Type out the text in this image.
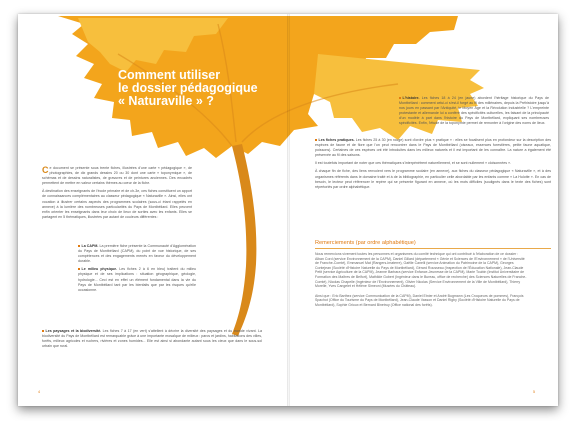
Comment utiliser
le dossier pédagogique
« Naturaville » ?

Ce document se présente sous trente fiches, illustrées d'une carte « pédagogique », de photographies, de dix grands dessins 20 ou 30 dont une carte « toponymique », de schémas et de dessins naturalistes, de gravures et de peintures anciennes. Des encadrés permettent de mettre en valeur certains thèmes au cœur de la fiche.

À destination des enseignants de l'école primaire et de ch-3e, ces fiches constituent un apport de connaissances complémentaires au classeur pédagogique « Naturaville ». Ainsi, elles ont vocation à illustrer certains aspects des programmes scolaires (sous-ci étant rappelés en annexe) à la lumière des nombreuses particularités du Pays de Montbéliard. Elles peuvent enfin orienter les enseignants dans leur choix de lieux de sorties avec les enfants. Elles se partagent en 5 thématiques, illustrées par autant de couleurs différentes :

La CAPM. La première fiche présente la Communauté d'Agglomération du Pays de Montbéliard (CAPM), du point de vue historique, de ses compétences et des engagements menés en faveur du développement durable.

Le milieu physique. Les fiches 2 à 6 en bleu) traitent du milieu physique et de ses implications : situation géographique, géologie, hydrologie... Ceci est en effet un élément fondamental dans la vie du Pays de Montbéliard tant par les bienfaits que par les risques qu'elle occasionne.

Les paysages et la biodiversité. Les fiches 7 à 17 (en vert) s'attellent à décrire la diversité des paysages et du monde vivant. La biodiversité du Pays de Montbéliard est remarquable grâce à une importante mosaïque de milieux : parcs et jardins, habitations des villes, forêts, milieux agricoles et ruchers, rivières et zones humides... Elle est ainsi si abondante autant sous les cieux que dans le sous-sol urbain que rural.

L'histoire. Les fiches 18 à 24 (en jaune) abordent l'héritage historique du Pays de Montbéliard : comment celui-ci s'est-il forgé au fil des millénaires, depuis la Préhistoire jusqu'à nos jours en passant par l'Antiquité, le Moyen Âge et la Révolution industrielle ? L'empreinte protestante et allemande lui a conféré des spécificités culturelles, les faisant de la principauté d'un modèle à part dans l'histoire du Pays de Montbéliard, expliquant ses nombreuses spécificités. Enfin, l'étude de la toponymie permet de remonter à l'origine des noms de lieux.

Les fiches pratiques. Les fiches 25 à 30 (en rouge) sont d'ordre plus « pratique » : elles se focalisent plus en profondeur sur la description des espèces de faune et de flore que l'on peut rencontrer dans le Pays de Montbéliard (oiseaux, essences forestières, petite faune aquatique, poissons). Certaines de ces espèces ont été introduites dans les milieux naturels et il est important de les connaître. La nature a également été préservée au fil des saisons.

Il est toutefois important de noter que ces thématiques s'interpénètrent naturellement, et se sont nullement « cloisonnées ».

À chaque fin de fiche, des liens renvoient vers le programme scolaire (en annexe), aux fiches du classeur pédagogique « Naturaville », et à des organismes référents dans le domaine traité et à de la bibliographie, en particulier celle abordable par les enfants comme « La Hulotte ». En cas de besoin, le lecteur peut référencer le repère qui se présente figurant en annexe, où les mots difficiles (soulignés dans le texte des fiches) sont répertoriés par ordre alphabétique.

Remerciements (par ordre alphabétique)

Nous remercions vivement toutes les personnes et organismes du comité technique qui ont contribué à l'élaboration de ce dossier : Alban Cord (service Environnement de la CAPM), Daniel Gillard (département « Génie et Sciences de l'Environnement » de l'Université de Franche-Comté), Emmanuel Mat (Rangers-Imaterre), Gaëlle Canelli (service Animation du Patrimoine de la CAPM), Georges Contejean (Société d'Histoire Naturelle du Pays de Montbéliard), Gérard Rousseau (Inspection de l'Éducation Nationale), Jean-Claude Petit (service Agriculture de la CAPM), Jeanne Barbara (service Enfance-Jeunesse de la CAPM), Marie Toubin (Institut Universitaire de Formation des Maîtres de Belfort), Mathilde Gobert (Ingénieur dans le Bureau, office de recherche) des Sciences Naturelles de Franche-Comté), Nicolas Chapelle (Ingénieur de l'Environnement), Olivier Nicolas (Service Environnement de la Ville de Montbéliard), Thierry Morelle, Yves Cangelet et Hélène Simeoni (Musées du Château).

Ainsi que : Eric Barthez (service Communication de la CAPM), Daniel Etnier et André Bugmann (Les Croqueurs de pommes), François Spachot (Office du Tourisme du Pays de Montbéliard), Jean-Claude Vasson et Daniel Rigby (Société d'Histoire Naturelle du Pays de Montbéliard), Sophie Grioux et Bernard Binetruy (Office national des forêts).

4	5
